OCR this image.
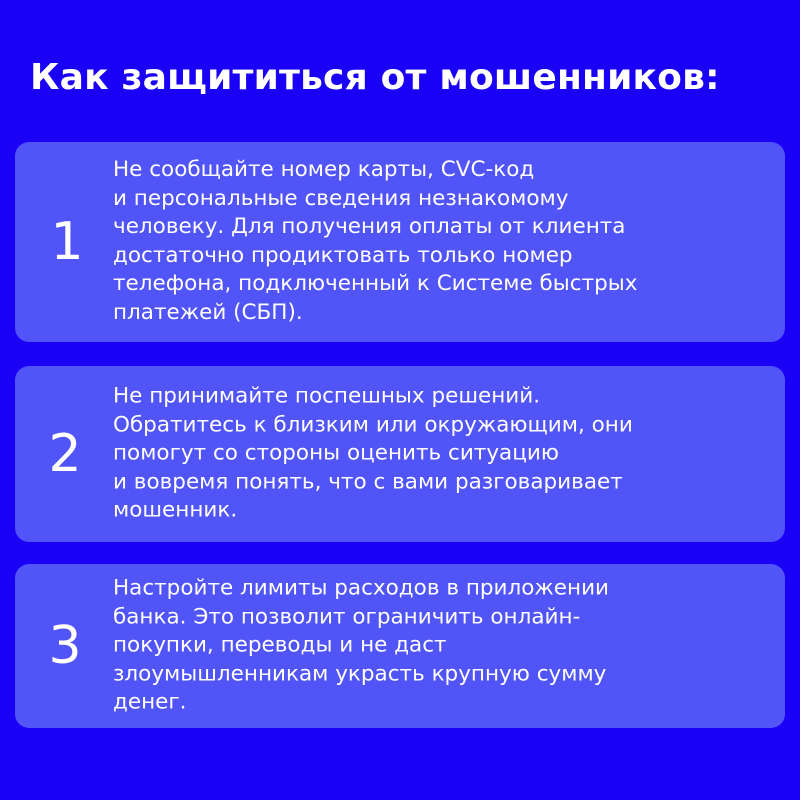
Как защититься от мошенников:
1
Не сообщайте номер карты, CVC-код
и персональные сведения незнакомому
человеку. Для получения оплаты от клиента
достаточно продиктовать только номер
телефона, подключенный к Системе быстрых
платежей (СБП).
2
Не принимайте поспешных решений.
Обратитесь к близким или окружающим, они
помогут со стороны оценить ситуацию
и вовремя понять, что с вами разговаривает
мошенник.
3
Настройте лимиты расходов в приложении
банка. Это позволит ограничить онлайн-
покупки, переводы и не даст
злоумышленникам украсть крупную сумму
денег.
